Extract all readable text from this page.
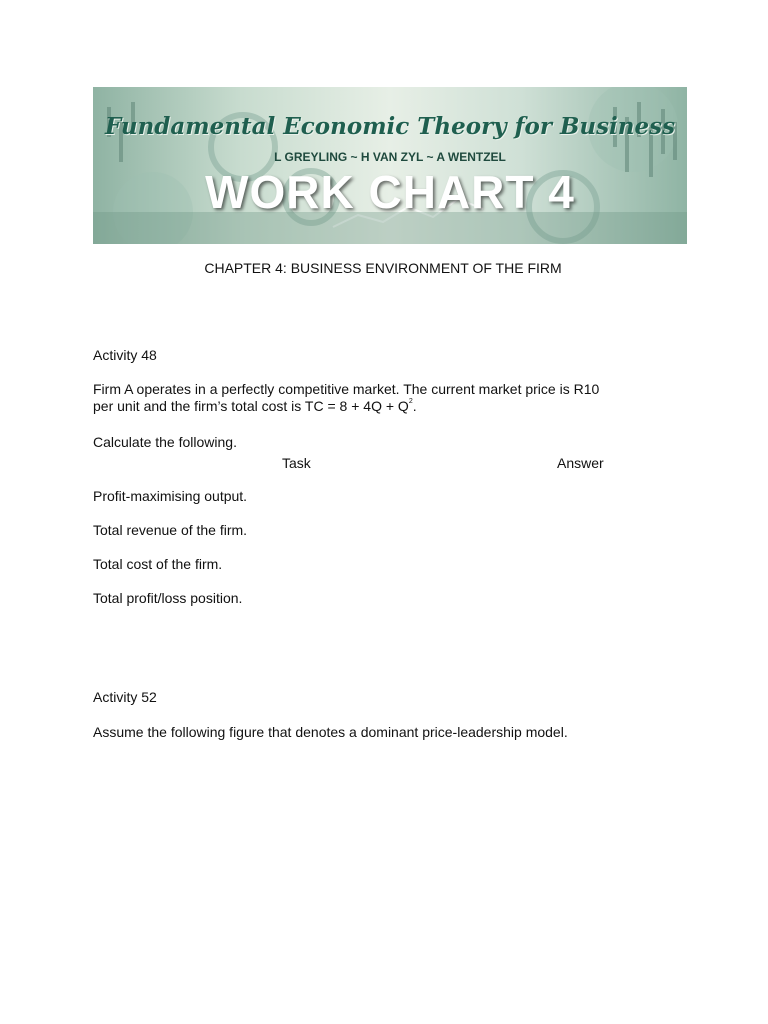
Fundamental Economic Theory for Business
L GREYLING ~ H VAN ZYL ~ A WENTZEL
WORK CHART 4

CHAPTER 4: BUSINESS ENVIRONMENT OF THE FIRM

Activity 48

Firm A operates in a perfectly competitive market. The current market price is R10
per unit and the firm’s total cost is TC = $8 + 4Q + Q^2$.

Calculate the following.

Task	Answer

Profit-maximising output.

Total revenue of the firm.

Total cost of the firm.

Total profit/loss position.

Activity 52

Assume the following figure that denotes a dominant price-leadership model.
